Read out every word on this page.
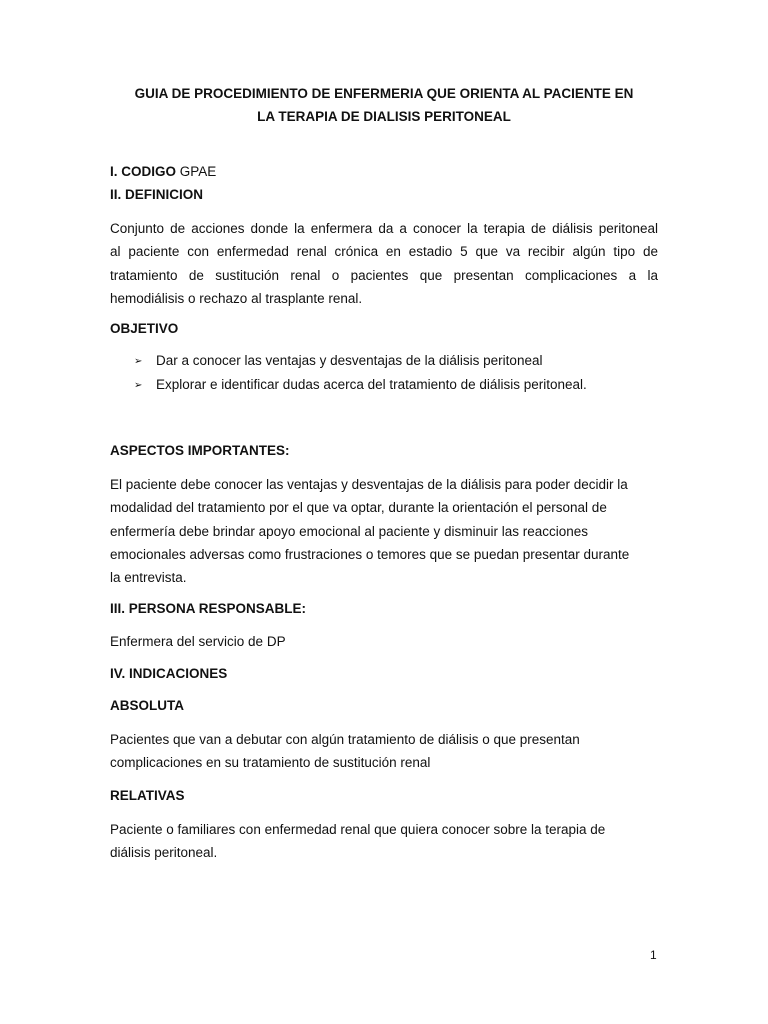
GUIA DE PROCEDIMIENTO DE ENFERMERIA QUE ORIENTA AL PACIENTE EN
LA TERAPIA DE DIALISIS PERITONEAL
I. CODIGO GPAE
II. DEFINICION
Conjunto de acciones donde la enfermera da a conocer la terapia de diálisis peritoneal
al paciente con enfermedad renal crónica en estadio 5 que va recibir algún tipo de
tratamiento de sustitución renal o pacientes que presentan complicaciones a la
hemodiálisis o rechazo al trasplante renal.
OBJETIVO
➢ Dar a conocer las ventajas y desventajas de la diálisis peritoneal
➢ Explorar e identificar dudas acerca del tratamiento de diálisis peritoneal.
ASPECTOS IMPORTANTES:
El paciente debe conocer las ventajas y desventajas de la diálisis para poder decidir la
modalidad del tratamiento por el que va optar, durante la orientación el personal de
enfermería debe brindar apoyo emocional al paciente y disminuir las reacciones
emocionales adversas como frustraciones o temores que se puedan presentar durante
la entrevista.
III. PERSONA RESPONSABLE:
Enfermera del servicio de DP
IV. INDICACIONES
ABSOLUTA
Pacientes que van a debutar con algún tratamiento de diálisis o que presentan
complicaciones en su tratamiento de sustitución renal
RELATIVAS
Paciente o familiares con enfermedad renal que quiera conocer sobre la terapia de
diálisis peritoneal.
1
